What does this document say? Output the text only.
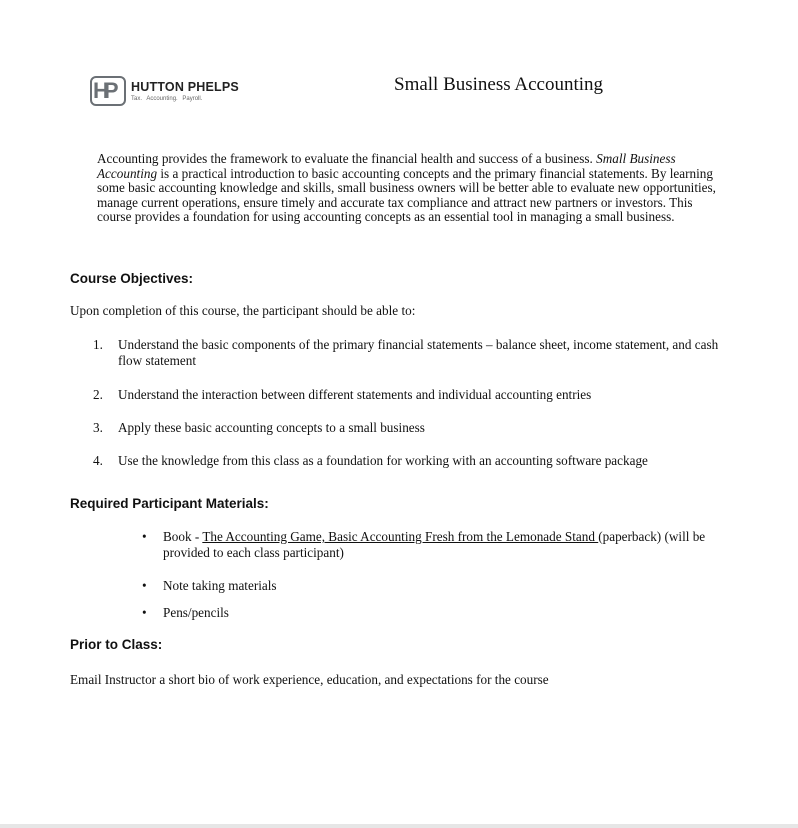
HP HUTTON PHELPS
Tax. Accounting. Payroll.
Small Business Accounting

Accounting provides the framework to evaluate the financial health and success of a business. Small Business Accounting is a practical introduction to basic accounting concepts and the primary financial statements. By learning some basic accounting knowledge and skills, small business owners will be better able to evaluate new opportunities, manage current operations, ensure timely and accurate tax compliance and attract new partners or investors. This course provides a foundation for using accounting concepts as an essential tool in managing a small business.

Course Objectives:

Upon completion of this course, the participant should be able to:

1. Understand the basic components of the primary financial statements – balance sheet, income statement, and cash flow statement
2. Understand the interaction between different statements and individual accounting entries
3. Apply these basic accounting concepts to a small business
4. Use the knowledge from this class as a foundation for working with an accounting software package
Required Participant Materials:
• Book - The Accounting Game, Basic Accounting Fresh from the Lemonade Stand (paperback) (will be provided to each class participant)
• Note taking materials
• Pens/pencils
Prior to Class:

Email Instructor a short bio of work experience, education, and expectations for the course
